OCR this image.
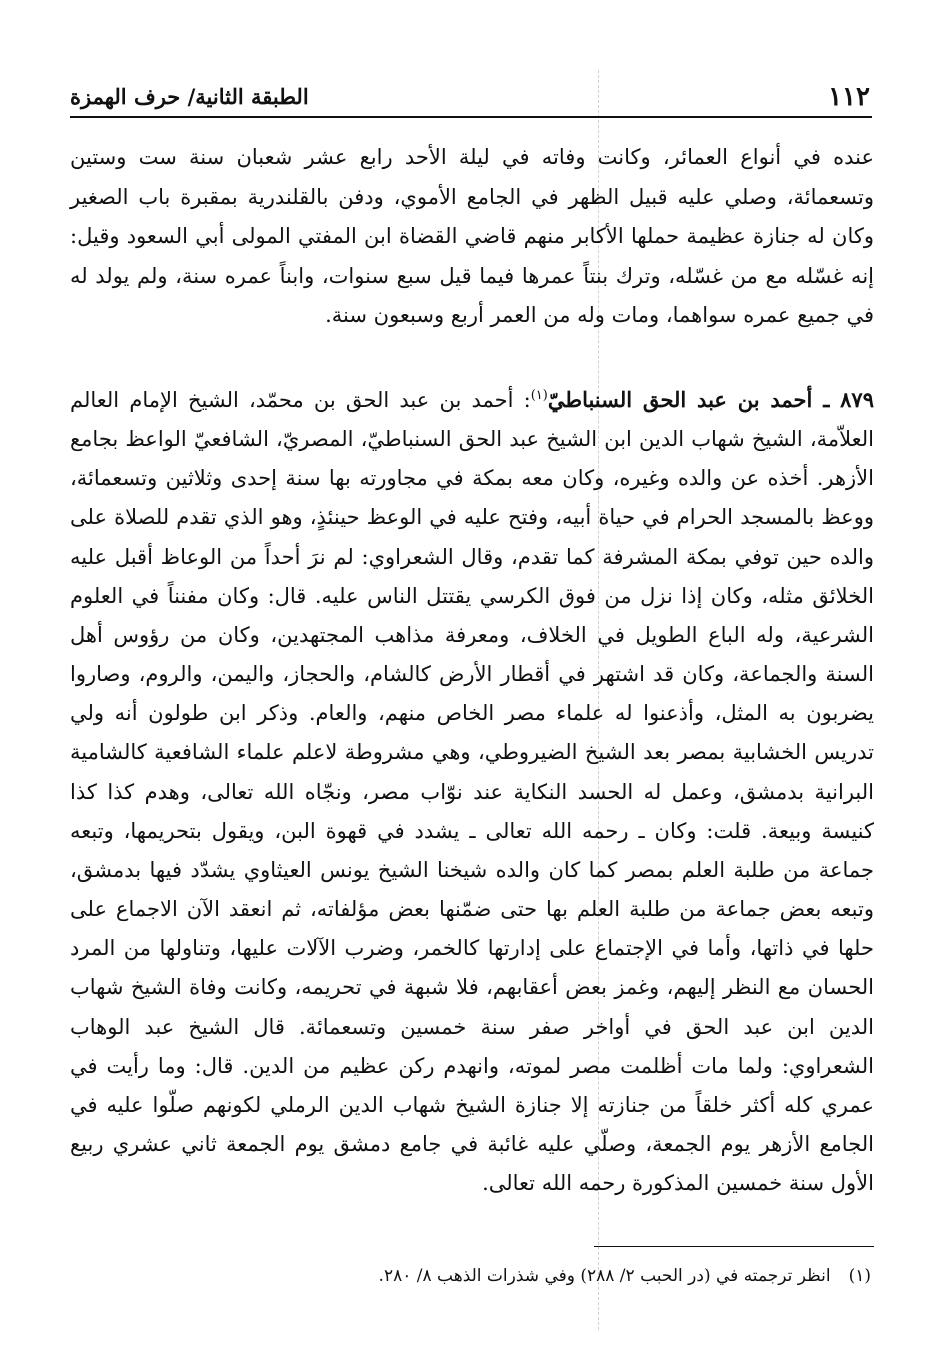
١١٢
الطبقة الثانية/ حرف الهمزة

عنده في أنواع العمائر، وكانت وفاته في ليلة الأحد رابع عشر شعبان سنة ست وستين وتسعمائة، وصلي عليه قبيل الظهر في الجامع الأموي، ودفن بالقلندرية بمقبرة باب الصغير وكان له جنازة عظيمة حملها الأكابر منهم قاضي القضاة ابن المفتي المولى أبي السعود وقيل: إنه غسّله مع من غسّله، وترك بنتاً عمرها فيما قيل سبع سنوات، وابناً عمره سنة، ولم يولد له في جميع عمره سواهما، ومات وله من العمر أربع وسبعون سنة.

٨٧٩ ـ أحمد بن عبد الحق السنباطيّ$^{(١)}$: أحمد بن عبد الحق بن محمّد، الشيخ الإمام العالم العلاّمة، الشيخ شهاب الدين ابن الشيخ عبد الحق السنباطيّ، المصريّ، الشافعيّ الواعظ بجامع الأزهر. أخذه عن والده وغيره، وكان معه بمكة في مجاورته بها سنة إحدى وثلاثين وتسعمائة، ووعظ بالمسجد الحرام في حياة أبيه، وفتح عليه في الوعظ حينئذٍ، وهو الذي تقدم للصلاة على والده حين توفي بمكة المشرفة كما تقدم، وقال الشعراوي: لم نرَ أحداً من الوعاظ أقبل عليه الخلائق مثله، وكان إذا نزل من فوق الكرسي يقتتل الناس عليه. قال: وكان مفنناً في العلوم الشرعية، وله الباع الطويل في الخلاف، ومعرفة مذاهب المجتهدين، وكان من رؤوس أهل السنة والجماعة، وكان قد اشتهر في أقطار الأرض كالشام، والحجاز، واليمن، والروم، وصاروا يضربون به المثل، وأذعنوا له علماء مصر الخاص منهم، والعام. وذكر ابن طولون أنه ولي تدريس الخشابية بمصر بعد الشيخ الضيروطي، وهي مشروطة لاعلم علماء الشافعية كالشامية البرانية بدمشق، وعمل له الحسد النكاية عند نوّاب مصر، ونجّاه الله تعالى، وهدم كذا كذا كنيسة وبيعة. قلت: وكان ـ رحمه الله تعالى ـ يشدد في قهوة البن، ويقول بتحريمها، وتبعه جماعة من طلبة العلم بمصر كما كان والده شيخنا الشيخ يونس العيثاوي يشدّد فيها بدمشق، وتبعه بعض جماعة من طلبة العلم بها حتى ضمّنها بعض مؤلفاته، ثم انعقد الآن الاجماع على حلها في ذاتها، وأما في الإجتماع على إدارتها كالخمر، وضرب الآلات عليها، وتناولها من المرد الحسان مع النظر إليهم، وغمز بعض أعقابهم، فلا شبهة في تحريمه، وكانت وفاة الشيخ شهاب الدين ابن عبد الحق في أواخر صفر سنة خمسين وتسعمائة. قال الشيخ عبد الوهاب الشعراوي: ولما مات أظلمت مصر لموته، وانهدم ركن عظيم من الدين. قال: وما رأيت في عمري كله أكثر خلقاً من جنازته إلا جنازة الشيخ شهاب الدين الرملي لكونهم صلّوا عليه في الجامع الأزهر يوم الجمعة، وصلّي عليه غائبة في جامع دمشق يوم الجمعة ثاني عشري ربيع الأول سنة خمسين المذكورة رحمه الله تعالى.

(١)انظر ترجمته في (در الحبب ٢/ ٢٨٨) وفي شذرات الذهب ٨/ ٢٨٠.
